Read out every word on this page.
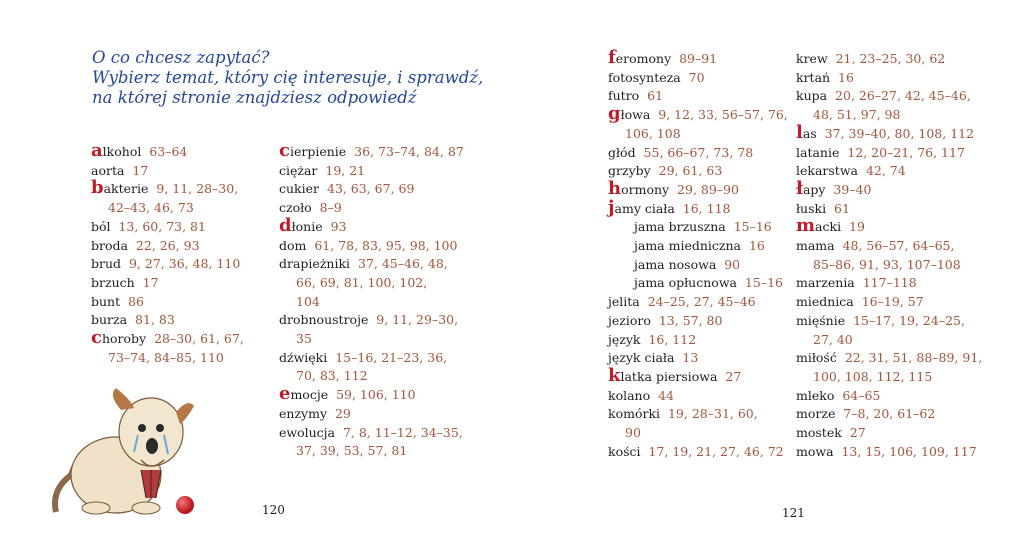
O co chcesz zapytać?
Wybierz temat, który cię interesuje, i sprawdź,
na której stronie znajdziesz odpowiedź
alkohol 63–64
aorta 17
bakterie 9, 11, 28–30,
42–43, 46, 73
ból 13, 60, 73, 81
broda 22, 26, 93
brud 9, 27, 36, 48, 110
brzuch 17
bunt 86
burza 81, 83
choroby 28–30, 61, 67,
73–74, 84–85, 110
cierpienie 36, 73–74, 84, 87
ciężar 19, 21
cukier 43, 63, 67, 69
czoło 8–9
dłonie 93
dom 61, 78, 83, 95, 98, 100
drapieżniki 37, 45–46, 48,
66, 69, 81, 100, 102,
104
drobnoustroje 9, 11, 29–30,
35
dźwięki 15–16, 21–23, 36,
70, 83, 112
emocje 59, 106, 110
enzymy 29
ewolucja 7, 8, 11–12, 34–35,
37, 39, 53, 57, 81
feromony 89–91
fotosynteza 70
futro 61
głowa 9, 12, 33, 56–57, 76,
106, 108
głód 55, 66–67, 73, 78
grzyby 29, 61, 63
hormony 29, 89–90
jamy ciała 16, 118
jama brzuszna 15–16
jama miedniczna 16
jama nosowa 90
jama opłucnowa 15–16
jelita 24–25, 27, 45–46
jezioro 13, 57, 80
język 16, 112
język ciała 13
klatka piersiowa 27
kolano 44
komórki 19, 28–31, 60,
90
kości 17, 19, 21, 27, 46, 72
krew 21, 23–25, 30, 62
krtań 16
kupa 20, 26–27, 42, 45–46,
48, 51, 97, 98
las 37, 39–40, 80, 108, 112
latanie 12, 20–21, 76, 117
lekarstwa 42, 74
łapy 39–40
łuski 61
macki 19
mama 48, 56–57, 64–65,
85–86, 91, 93, 107–108
marzenia 117–118
miednica 16–19, 57
mięśnie 15–17, 19, 24–25,
27, 40
miłość 22, 31, 51, 88–89, 91,
100, 108, 112, 115
mleko 64–65
morze 7–8, 20, 61–62
mostek 27
mowa 13, 15, 106, 109, 117
120	121
